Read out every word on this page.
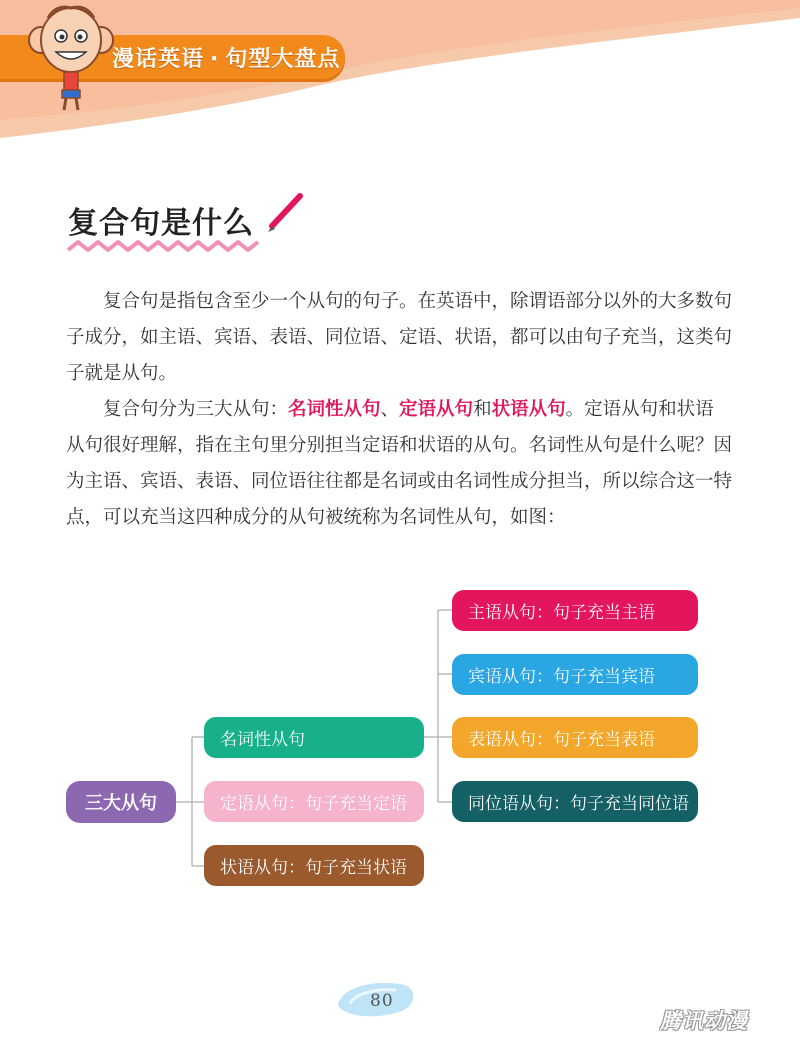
漫话英语 · 句型大盘点
复合句是什么

复合句是指包含至少一个从句的句子。在英语中，除谓语部分以外的大多数句子成分，如主语、宾语、表语、同位语、定语、状语，都可以由句子充当，这类句子就是从句。

复合句分为三大从句：名词性从句、定语从句和状语从句。定语从句和状语从句很好理解，指在主句里分别担当定语和状语的从句。名词性从句是什么呢？因为主语、宾语、表语、同位语往往都是名词或由名词性成分担当，所以综合这一特点，可以充当这四种成分的从句被统称为名词性从句，如图：

三大从句
名词性从句
定语从句：句子充当定语
状语从句：句子充当状语
主语从句：句子充当主语
宾语从句：句子充当宾语
表语从句：句子充当表语
同位语从句：句子充当同位语
80
腾讯动漫
